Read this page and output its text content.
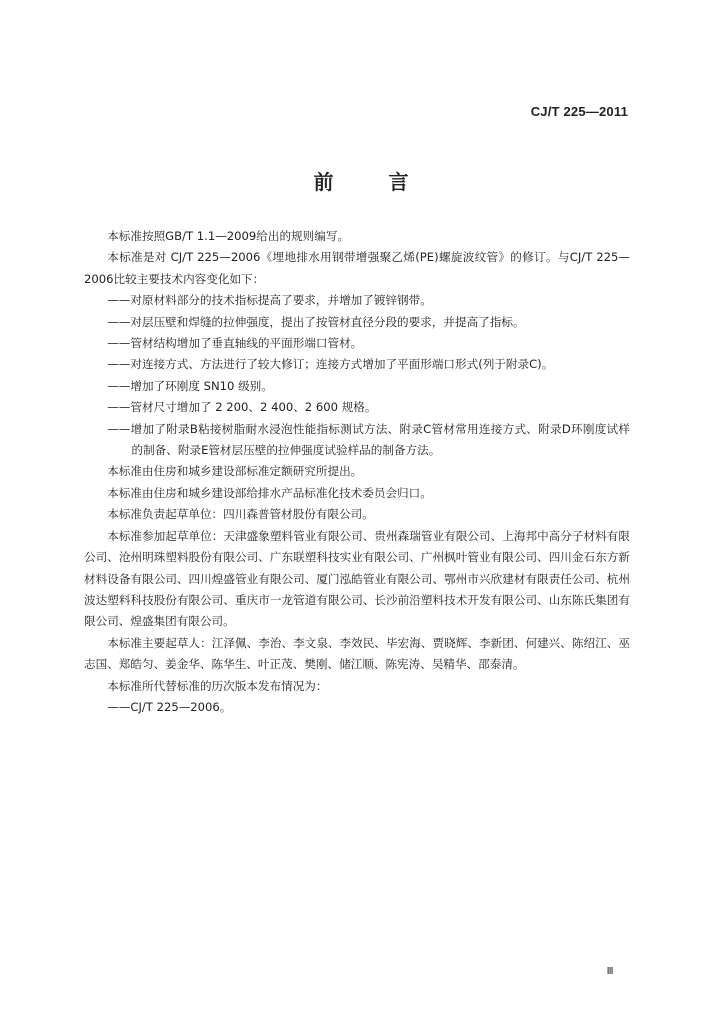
CJ/T 225—2011
前 言

本标准按照GB/T 1.1—2009给出的规则编写。

本标准是对 CJ/T 225—2006《埋地排水用钢带增强聚乙烯(PE)螺旋波纹管》的修订。与CJ/T 225—2006比较主要技术内容变化如下：

——对原材料部分的技术指标提高了要求，并增加了镀锌钢带。

——对层压壁和焊缝的拉伸强度，提出了按管材直径分段的要求，并提高了指标。

——管材结构增加了垂直轴线的平面形端口管材。

——对连接方式、方法进行了较大修订；连接方式增加了平面形端口形式(列于附录C)。

——增加了环刚度 SN10 级别。

——管材尺寸增加了 2 200、2 400、2 600 规格。

——增加了附录B粘接树脂耐水浸泡性能指标测试方法、附录C管材常用连接方式、附录D环刚度试样的制备、附录E管材层压壁的拉伸强度试验样品的制备方法。

本标准由住房和城乡建设部标准定额研究所提出。

本标准由住房和城乡建设部给排水产品标准化技术委员会归口。

本标准负责起草单位：四川森普管材股份有限公司。

本标准参加起草单位：天津盛象塑料管业有限公司、贵州森瑞管业有限公司、上海邦中高分子材料有限公司、沧州明珠塑料股份有限公司、广东联塑科技实业有限公司、广州枫叶管业有限公司、四川金石东方新材料设备有限公司、四川煌盛管业有限公司、厦门泓皓管业有限公司、鄂州市兴欣建材有限责任公司、杭州波达塑料科技股份有限公司、重庆市一龙管道有限公司、长沙前沿塑料技术开发有限公司、山东陈氏集团有限公司、煌盛集团有限公司。

本标准主要起草人：江泽佩、李治、李文泉、李效民、毕宏海、贾晓辉、李新团、何建兴、陈绍江、巫志国、郑皓匀、姜金华、陈华生、叶正茂、樊刚、储江顺、陈宪涛、吴精华、邵泰清。

本标准所代替标准的历次版本发布情况为：

——CJ/T 225—2006。

Ⅲ
